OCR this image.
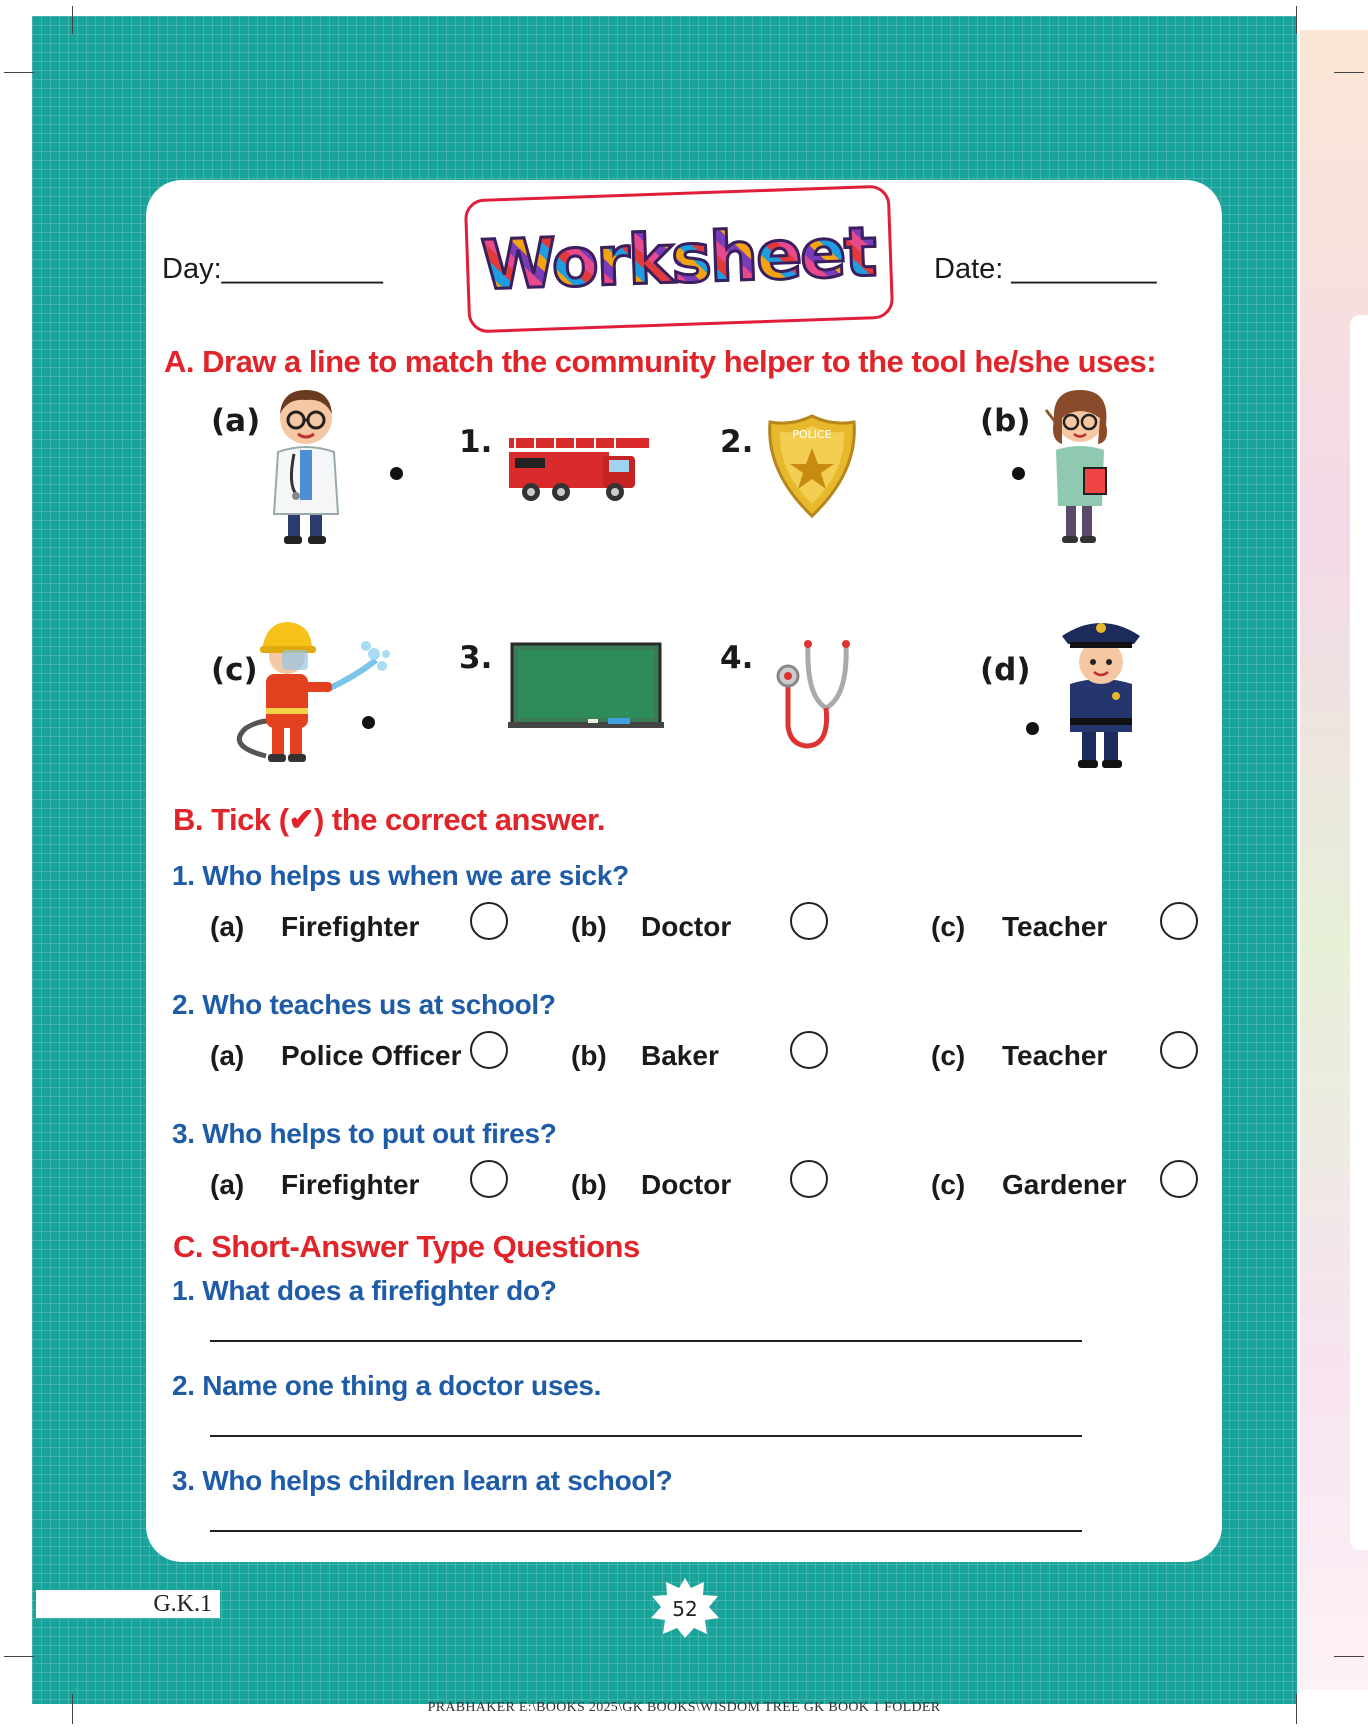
Day:__________	Date: _________
Worksheet
A. Draw a line to match the community helper to the tool he/she uses:
(a)
1.	2.	POLICE	(b)
(c)	3.	4.	(d)
B. Tick (✔) the correct answer.
1. Who helps us when we are sick?
(a) Firefighter	(b) Doctor	(c) Teacher
2. Who teaches us at school?
(a) Police Officer	(b) Baker	(c) Teacher
3. Who helps to put out fires?
(a) Firefighter	(b) Doctor	(c) Gardener
C. Short-Answer Type Questions
1. What does a firefighter do?
2. Name one thing a doctor uses.
3. Who helps children learn at school?
G.K.1	52
PRABHAKER E:\BOOKS 2025\GK BOOKS\WISDOM TREE GK BOOK 1 FOLDER
